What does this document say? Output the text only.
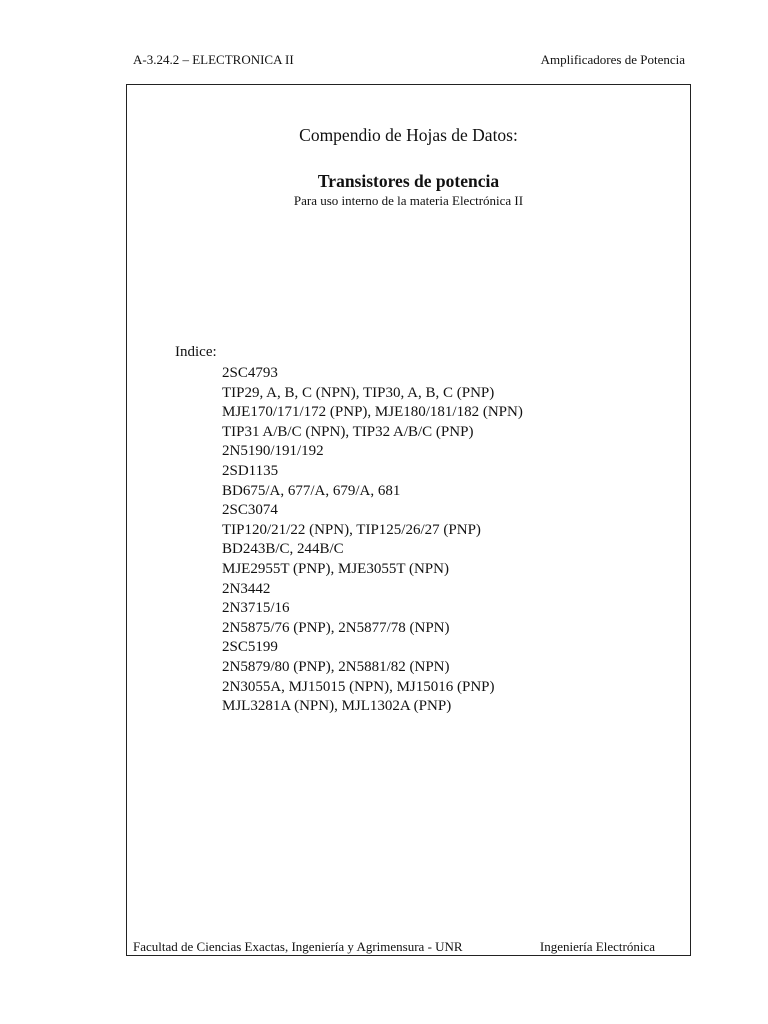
A-3.24.2 – ELECTRONICA II	Amplificadores de Potencia
Compendio de Hojas de Datos:
Transistores de potencia
Para uso interno de la materia Electrónica II
Indice:
2SC4793
TIP29, A, B, C (NPN), TIP30, A, B, C (PNP)
MJE170/171/172 (PNP), MJE180/181/182 (NPN)
TIP31 A/B/C (NPN), TIP32 A/B/C (PNP)
2N5190/191/192
2SD1135
BD675/A, 677/A, 679/A, 681
2SC3074
TIP120/21/22 (NPN), TIP125/26/27 (PNP)
BD243B/C, 244B/C
MJE2955T (PNP), MJE3055T (NPN)
2N3442
2N3715/16
2N5875/76 (PNP), 2N5877/78 (NPN)
2SC5199
2N5879/80 (PNP), 2N5881/82 (NPN)
2N3055A, MJ15015 (NPN), MJ15016 (PNP)
MJL3281A (NPN), MJL1302A (PNP)
Facultad de Ciencias Exactas, Ingeniería y Agrimensura - UNR	Ingeniería Electrónica
